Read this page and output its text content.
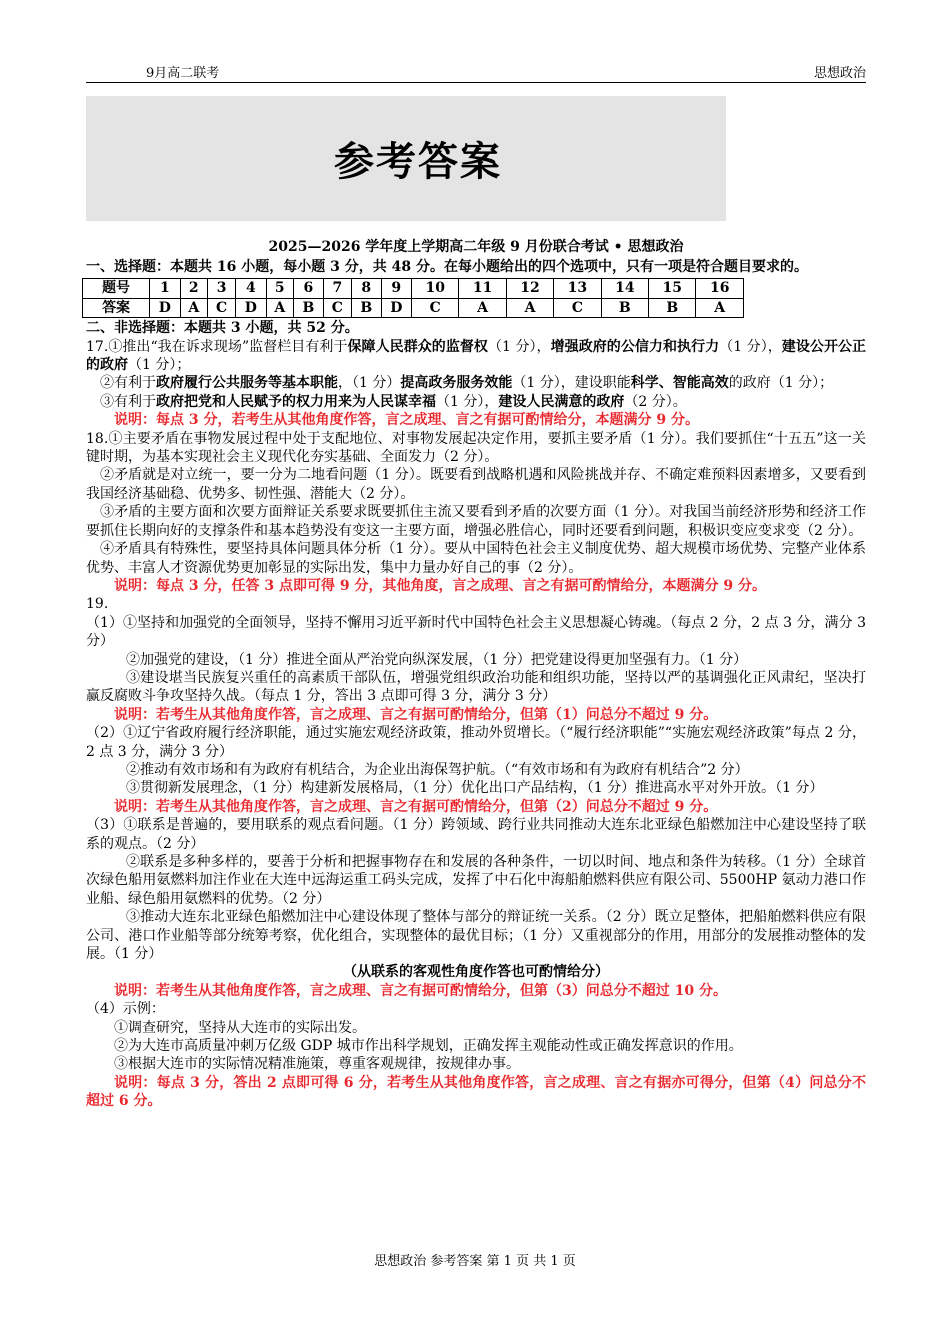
9月高二联考	思想政治
参考答案
2025—2026 学年度上学期高二年级 9 月份联合考试 • 思想政治

一、选择题：本题共 16 小题，每小题 3 分，共 48 分。在每小题给出的四个选项中，只有一项是符合题目要求的。

题号	1	2	3	4	5	6	7	8	9	10	11	12	13	14	15	16
答案	D	A	C	D	A	B	C	B	D	C	A	A	C	B	B	A

二、非选择题：本题共 3 小题，共 52 分。

17.①推出“我在诉求现场”监督栏目有利于保障人民群众的监督权（1 分），增强政府的公信力和执行力（1 分），建设公开公正的政府（1 分）；

②有利于政府履行公共服务等基本职能，（1 分）提高政务服务效能（1 分），建设职能科学、智能高效的政府（1 分）；

③有利于政府把党和人民赋予的权力用来为人民谋幸福（1 分），建设人民满意的政府（2 分）。

说明：每点 3 分，若考生从其他角度作答，言之成理、言之有据可酌情给分，本题满分 9 分。

18.①主要矛盾在事物发展过程中处于支配地位、对事物发展起决定作用，要抓主要矛盾（1 分）。我们要抓住“十五五”这一关键时期，为基本实现社会主义现代化夯实基础、全面发力（2 分）。

②矛盾就是对立统一，要一分为二地看问题（1 分）。既要看到战略机遇和风险挑战并存、不确定难预料因素增多，又要看到我国经济基础稳、优势多、韧性强、潜能大（2 分）。

③矛盾的主要方面和次要方面辩证关系要求既要抓住主流又要看到矛盾的次要方面（1 分）。对我国当前经济形势和经济工作要抓住长期向好的支撑条件和基本趋势没有变这一主要方面，增强必胜信心，同时还要看到问题，积极识变应变求变（2 分）。

④矛盾具有特殊性，要坚持具体问题具体分析（1 分）。要从中国特色社会主义制度优势、超大规模市场优势、完整产业体系优势、丰富人才资源优势更加彰显的实际出发，集中力量办好自己的事（2 分）。

说明：每点 3 分，任答 3 点即可得 9 分，其他角度，言之成理、言之有据可酌情给分，本题满分 9 分。

19.

（1）①坚持和加强党的全面领导，坚持不懈用习近平新时代中国特色社会主义思想凝心铸魂。（每点 2 分，2 点 3 分，满分 3 分）

②加强党的建设，（1 分）推进全面从严治党向纵深发展，（1 分）把党建设得更加坚强有力。（1 分）

③建设堪当民族复兴重任的高素质干部队伍，增强党组织政治功能和组织功能，坚持以严的基调强化正风肃纪，坚决打赢反腐败斗争攻坚持久战。（每点 1 分，答出 3 点即可得 3 分，满分 3 分）

说明：若考生从其他角度作答，言之成理、言之有据可酌情给分，但第（1）问总分不超过 9 分。

（2）①辽宁省政府履行经济职能，通过实施宏观经济政策，推动外贸增长。（“履行经济职能”“实施宏观经济政策”每点 2 分，2 点 3 分，满分 3 分）

②推动有效市场和有为政府有机结合，为企业出海保驾护航。（“有效市场和有为政府有机结合”2 分）

③贯彻新发展理念，（1 分）构建新发展格局，（1 分）优化出口产品结构，（1 分）推进高水平对外开放。（1 分）

说明：若考生从其他角度作答，言之成理、言之有据可酌情给分，但第（2）问总分不超过 9 分。

（3）①联系是普遍的，要用联系的观点看问题。（1 分）跨领域、跨行业共同推动大连东北亚绿色船燃加注中心建设坚持了联系的观点。（2 分）

②联系是多种多样的，要善于分析和把握事物存在和发展的各种条件，一切以时间、地点和条件为转移。（1 分）全球首次绿色船用氨燃料加注作业在大连中远海运重工码头完成，发挥了中石化中海船舶燃料供应有限公司、5500HP 氨动力港口作业船、绿色船用氨燃料的优势。（2 分）

③推动大连东北亚绿色船燃加注中心建设体现了整体与部分的辩证统一关系。（2 分）既立足整体，把船舶燃料供应有限公司、港口作业船等部分统筹考察，优化组合，实现整体的最优目标；（1 分）又重视部分的作用，用部分的发展推动整体的发展。（1 分）

（从联系的客观性角度作答也可酌情给分）

说明：若考生从其他角度作答，言之成理、言之有据可酌情给分，但第（3）问总分不超过 10 分。

（4）示例：

①调查研究，坚持从大连市的实际出发。

②为大连市高质量冲刺万亿级 GDP 城市作出科学规划，正确发挥主观能动性或正确发挥意识的作用。

③根据大连市的实际情况精准施策，尊重客观规律，按规律办事。

说明：每点 3 分，答出 2 点即可得 6 分，若考生从其他角度作答，言之成理、言之有据亦可得分，但第（4）问总分不超过 6 分。

思想政治 参考答案 第 1 页 共 1 页
